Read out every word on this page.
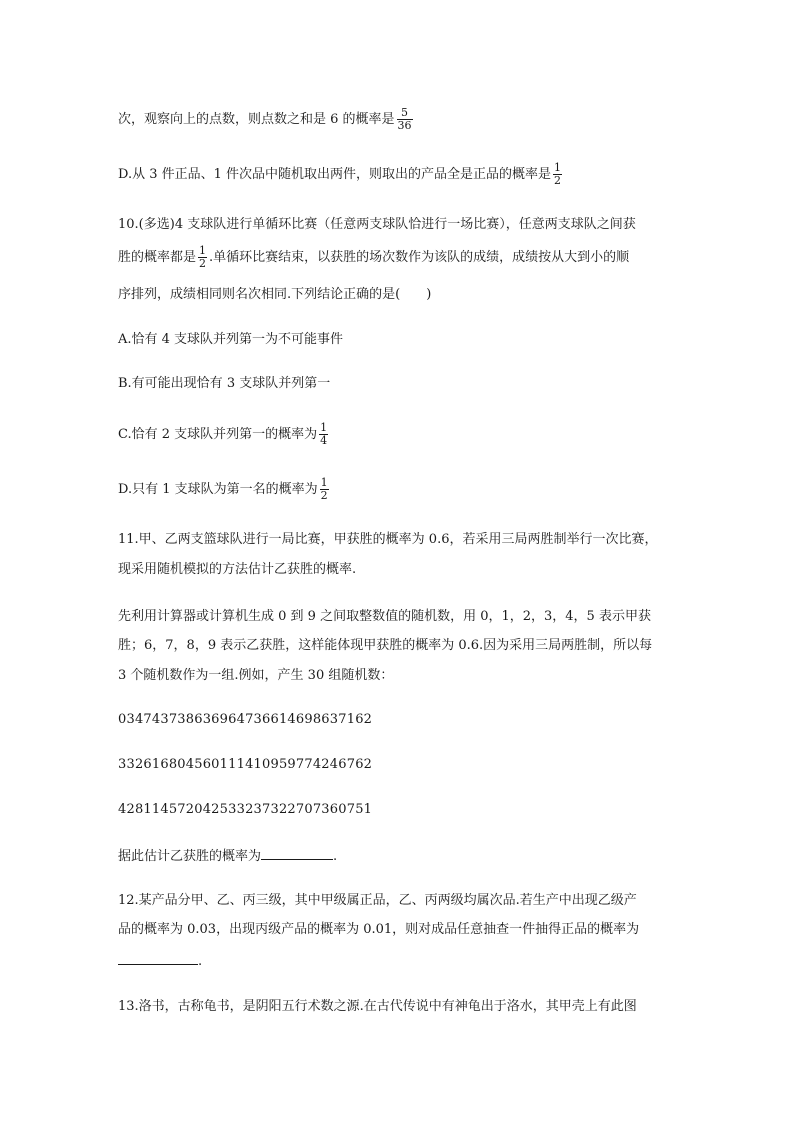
次，观察向上的点数，则点数之和是 6 的概率是 $\frac{5}{36}$
D.从 3 件正品、1 件次品中随机取出两件，则取出的产品全是正品的概率是 $\frac{1}{2}$
10.(多选)4 支球队进行单循环比赛（任意两支球队恰进行一场比赛），任意两支球队之间获
胜的概率都是 $\frac{1}{2}$ .单循环比赛结束，以获胜的场次数作为该队的成绩，成绩按从大到小的顺
序排列，成绩相同则名次相同.下列结论正确的是(　　)
A.恰有 4 支球队并列第一为不可能事件
B.有可能出现恰有 3 支球队并列第一
C.恰有 2 支球队并列第一的概率为 $\frac{1}{4}$
D.只有 1 支球队为第一名的概率为 $\frac{1}{2}$
11.甲、乙两支篮球队进行一局比赛，甲获胜的概率为 0.6，若采用三局两胜制举行一次比赛，
现采用随机模拟的方法估计乙获胜的概率.
先利用计算器或计算机生成 0 到 9 之间取整数值的随机数，用 0，1，2，3，4，5 表示甲获
胜；6，7，8，9 表示乙获胜，这样能体现甲获胜的概率为 0.6.因为采用三局两胜制，所以每
3 个随机数作为一组.例如，产生 30 组随机数：
034743738636964736614698637162
332616804560111410959774246762
428114572042533237322707360751
据此估计乙获胜的概率为	.
12.某产品分甲、乙、丙三级，其中甲级属正品，乙、丙两级均属次品.若生产中出现乙级产
品的概率为 0.03，出现丙级产品的概率为 0.01，则对成品任意抽查一件抽得正品的概率为
.
13.洛书，古称龟书，是阴阳五行术数之源.在古代传说中有神龟出于洛水，其甲壳上有此图
